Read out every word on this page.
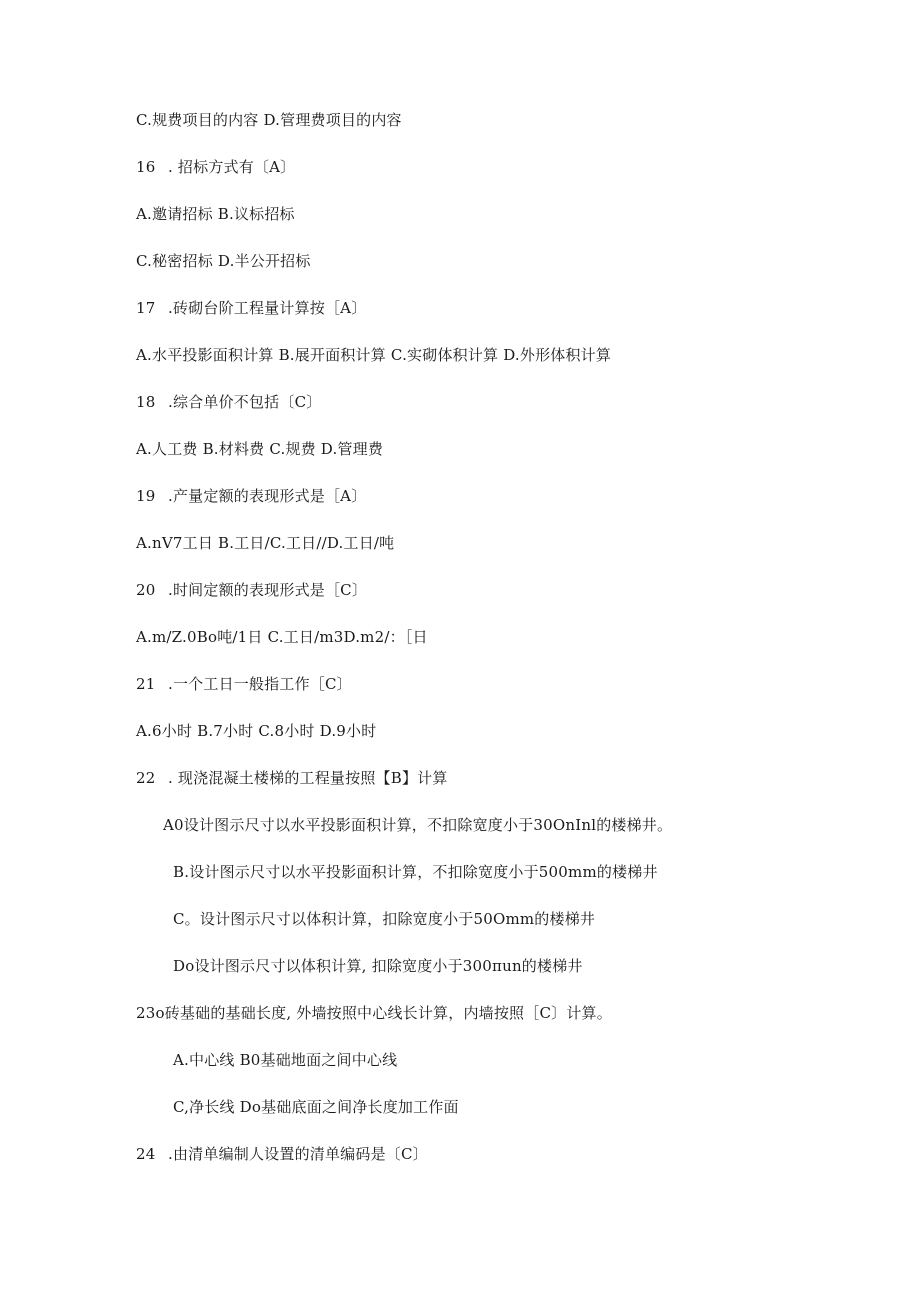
C.规费项目的内容 D.管理费项目的内容
16 . 招标方式有〔A〕
A.邀请招标 B.议标招标
C.秘密招标 D.半公开招标
17 .砖砌台阶工程量计算按［A〕
A.水平投影面积计算 B.展开面积计算 C.实砌体积计算 D.外形体积计算
18 .综合单价不包括〔C〕
A.人工费 B.材料费 C.规费 D.管理费
19 .产量定额的表现形式是［A〕
A.nV7工日 B.工日/C.工日//D.工日/吨
20 .时间定额的表现形式是［C〕
A.m/Z.0Bo吨/1日 C.工日/m3D.m2/：［日
21 .一个工日一般指工作［C〕
A.6小时 B.7小时 C.8小时 D.9小时
22 . 现浇混凝土楼梯的工程量按照【B】计算
A0设计图示尺寸以水平投影面积计算，不扣除宽度小于30OnInl的楼梯井。
B.设计图示尺寸以水平投影面积计算，不扣除宽度小于500mm的楼梯井
C。设计图示尺寸以体积计算，扣除宽度小于50Omm的楼梯井
Do设计图示尺寸以体积计算, 扣除宽度小于300πun的楼梯井
23o砖基础的基础长度, 外墙按照中心线长计算，内墙按照［C〕计算。
A.中心线 B0基础地面之间中心线
C,净长线 Do基础底面之间净长度加工作面
24 .由清单编制人设置的清单编码是〔C〕
